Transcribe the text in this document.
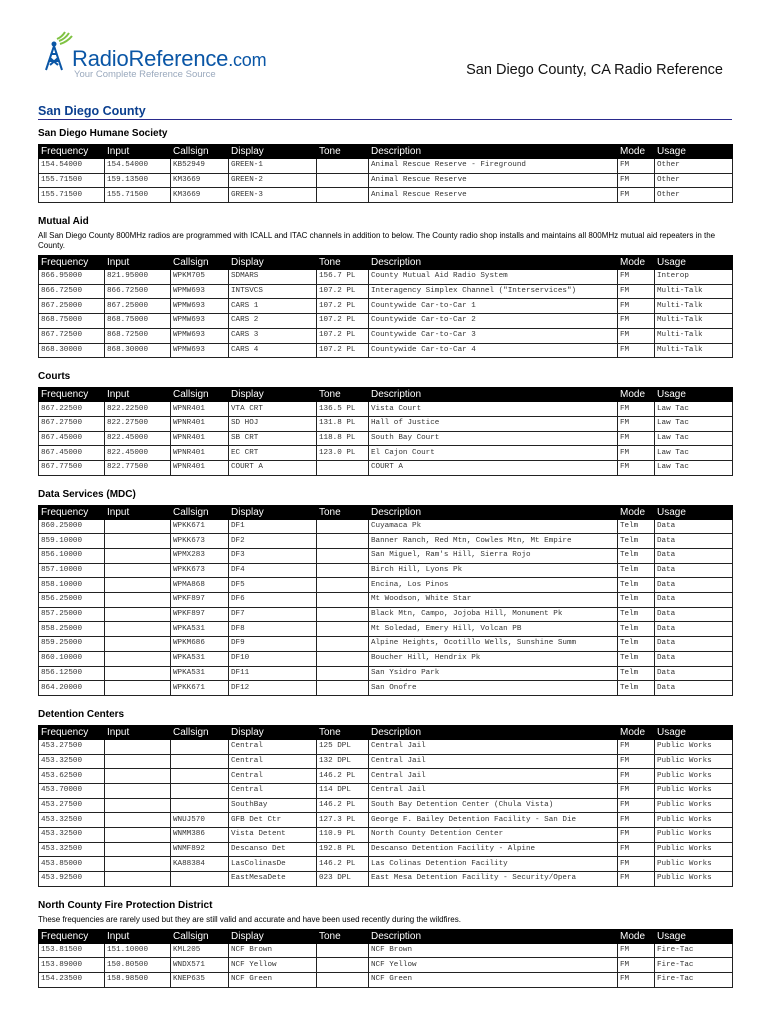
RadioReference.com
Your Complete Reference Source	San Diego County, CA Radio Reference
San Diego County
San Diego Humane Society
Frequency	Input	Callsign	Display	Tone	Description	Mode	Usage
154.54000	154.54000	KB52949	GREEN-1		Animal Rescue Reserve - Fireground	FM	Other
155.71500	159.13500	KM3669	GREEN-2		Animal Rescue Reserve	FM	Other
155.71500	155.71500	KM3669	GREEN-3		Animal Rescue Reserve	FM	Other
Mutual Aid
All San Diego County 800MHz radios are programmed with ICALL and ITAC channels in addition to below. The County radio shop installs and maintains all 800MHz mutual aid repeaters in the County.
Frequency	Input	Callsign	Display	Tone	Description	Mode	Usage
866.95000	821.95000	WPKM705	SDMARS	156.7 PL	County Mutual Aid Radio System	FM	Interop
866.72500	866.72500	WPMW693	INTSVCS	107.2 PL	Interagency Simplex Channel ("Interservices")	FM	Multi-Talk
867.25000	867.25000	WPMW693	CARS 1	107.2 PL	Countywide Car-to-Car 1	FM	Multi-Talk
868.75000	868.75000	WPMW693	CARS 2	107.2 PL	Countywide Car-to-Car 2	FM	Multi-Talk
867.72500	868.72500	WPMW693	CARS 3	107.2 PL	Countywide Car-to-Car 3	FM	Multi-Talk
868.30000	868.30000	WPMW693	CARS 4	107.2 PL	Countywide Car-to-Car 4	FM	Multi-Talk
Courts
Frequency	Input	Callsign	Display	Tone	Description	Mode	Usage
867.22500	822.22500	WPNR401	VTA CRT	136.5 PL	Vista Court	FM	Law Tac
867.27500	822.27500	WPNR401	SD HOJ	131.8 PL	Hall of Justice	FM	Law Tac
867.45000	822.45000	WPNR401	SB CRT	118.8 PL	South Bay Court	FM	Law Tac
867.45000	822.45000	WPNR401	EC CRT	123.0 PL	El Cajon Court	FM	Law Tac
867.77500	822.77500	WPNR401	COURT A		COURT A	FM	Law Tac
Data Services (MDC)
Frequency	Input	Callsign	Display	Tone	Description	Mode	Usage
860.25000		WPKK671	DF1		Cuyamaca Pk	Telm	Data
859.10000		WPKK673	DF2		Banner Ranch, Red Mtn, Cowles Mtn, Mt Empire	Telm	Data
856.10000		WPMX283	DF3		San Miguel, Ram's Hill, Sierra Rojo	Telm	Data
857.10000		WPKK673	DF4		Birch Hill, Lyons Pk	Telm	Data
858.10000		WPMA868	DF5		Encina, Los Pinos	Telm	Data
856.25000		WPKF897	DF6		Mt Woodson, White Star	Telm	Data
857.25000		WPKF897	DF7		Black Mtn, Campo, Jojoba Hill, Monument Pk	Telm	Data
858.25000		WPKA531	DF8		Mt Soledad, Emery Hill, Volcan PB	Telm	Data
859.25000		WPKM686	DF9		Alpine Heights, Ocotillo Wells, Sunshine Summ	Telm	Data
860.10000		WPKA531	DF10		Boucher Hill, Hendrix Pk	Telm	Data
856.12500		WPKA531	DF11		San Ysidro Park	Telm	Data
864.20000		WPKK671	DF12		San Onofre	Telm	Data
Detention Centers
Frequency	Input	Callsign	Display	Tone	Description	Mode	Usage
453.27500			Central	125 DPL	Central Jail	FM	Public Works
453.32500			Central	132 DPL	Central Jail	FM	Public Works
453.62500			Central	146.2 PL	Central Jail	FM	Public Works
453.70000			Central	114 DPL	Central Jail	FM	Public Works
453.27500			SouthBay	146.2 PL	South Bay Detention Center (Chula Vista)	FM	Public Works
453.32500		WNUJ570	GFB Det Ctr	127.3 PL	George F. Bailey Detention Facility - San Die	FM	Public Works
453.32500		WNMM386	Vista Detent	110.9 PL	North County Detention Center	FM	Public Works
453.32500		WNMF892	Descanso Det	192.8 PL	Descanso Detention Facility - Alpine	FM	Public Works
453.85000		KA88384	LasColinasDe	146.2 PL	Las Colinas Detention Facility	FM	Public Works
453.92500			EastMesaDete	023 DPL	East Mesa Detention Facility - Security/Opera	FM	Public Works
North County Fire Protection District
These frequencies are rarely used but they are still valid and accurate and have been used recently during the wildfires.
Frequency	Input	Callsign	Display	Tone	Description	Mode	Usage
153.81500	151.10000	KML205	NCF Brown		NCF Brown	FM	Fire-Tac
153.89000	150.80500	WNDX571	NCF Yellow		NCF Yellow	FM	Fire-Tac
154.23500	158.98500	KNEP635	NCF Green		NCF Green	FM	Fire-Tac
